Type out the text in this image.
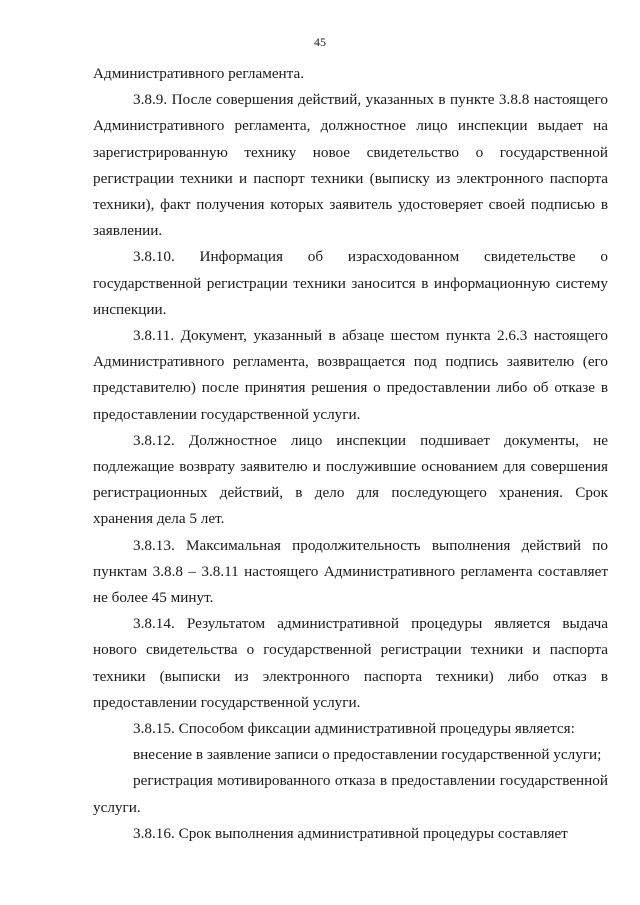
45

Административного регламента.

3.8.9. После совершения действий, указанных в пункте 3.8.8 настоящего Административного регламента, должностное лицо инспекции выдает на зарегистрированную технику новое свидетельство о государственной регистрации техники и паспорт техники (выписку из электронного паспорта техники), факт получения которых заявитель удостоверяет своей подписью в заявлении.

3.8.10. Информация об израсходованном свидетельстве о государственной регистрации техники заносится в информационную систему инспекции.

3.8.11. Документ, указанный в абзаце шестом пункта 2.6.3 настоящего Административного регламента, возвращается под подпись заявителю (его представителю) после принятия решения о предоставлении либо об отказе в предоставлении государственной услуги.

3.8.12. Должностное лицо инспекции подшивает документы, не подлежащие возврату заявителю и послужившие основанием для совершения регистрационных действий, в дело для последующего хранения. Срок хранения дела 5 лет.

3.8.13. Максимальная продолжительность выполнения действий по пунктам 3.8.8 – 3.8.11 настоящего Административного регламента составляет не более 45 минут.

3.8.14. Результатом административной процедуры является выдача нового свидетельства о государственной регистрации техники и паспорта техники (выписки из электронного паспорта техники) либо отказ в предоставлении государственной услуги.

3.8.15. Способом фиксации административной процедуры является:

внесение в заявление записи о предоставлении государственной услуги;

регистрация мотивированного отказа в предоставлении государственной услуги.

3.8.16. Срок выполнения административной процедуры составляет
